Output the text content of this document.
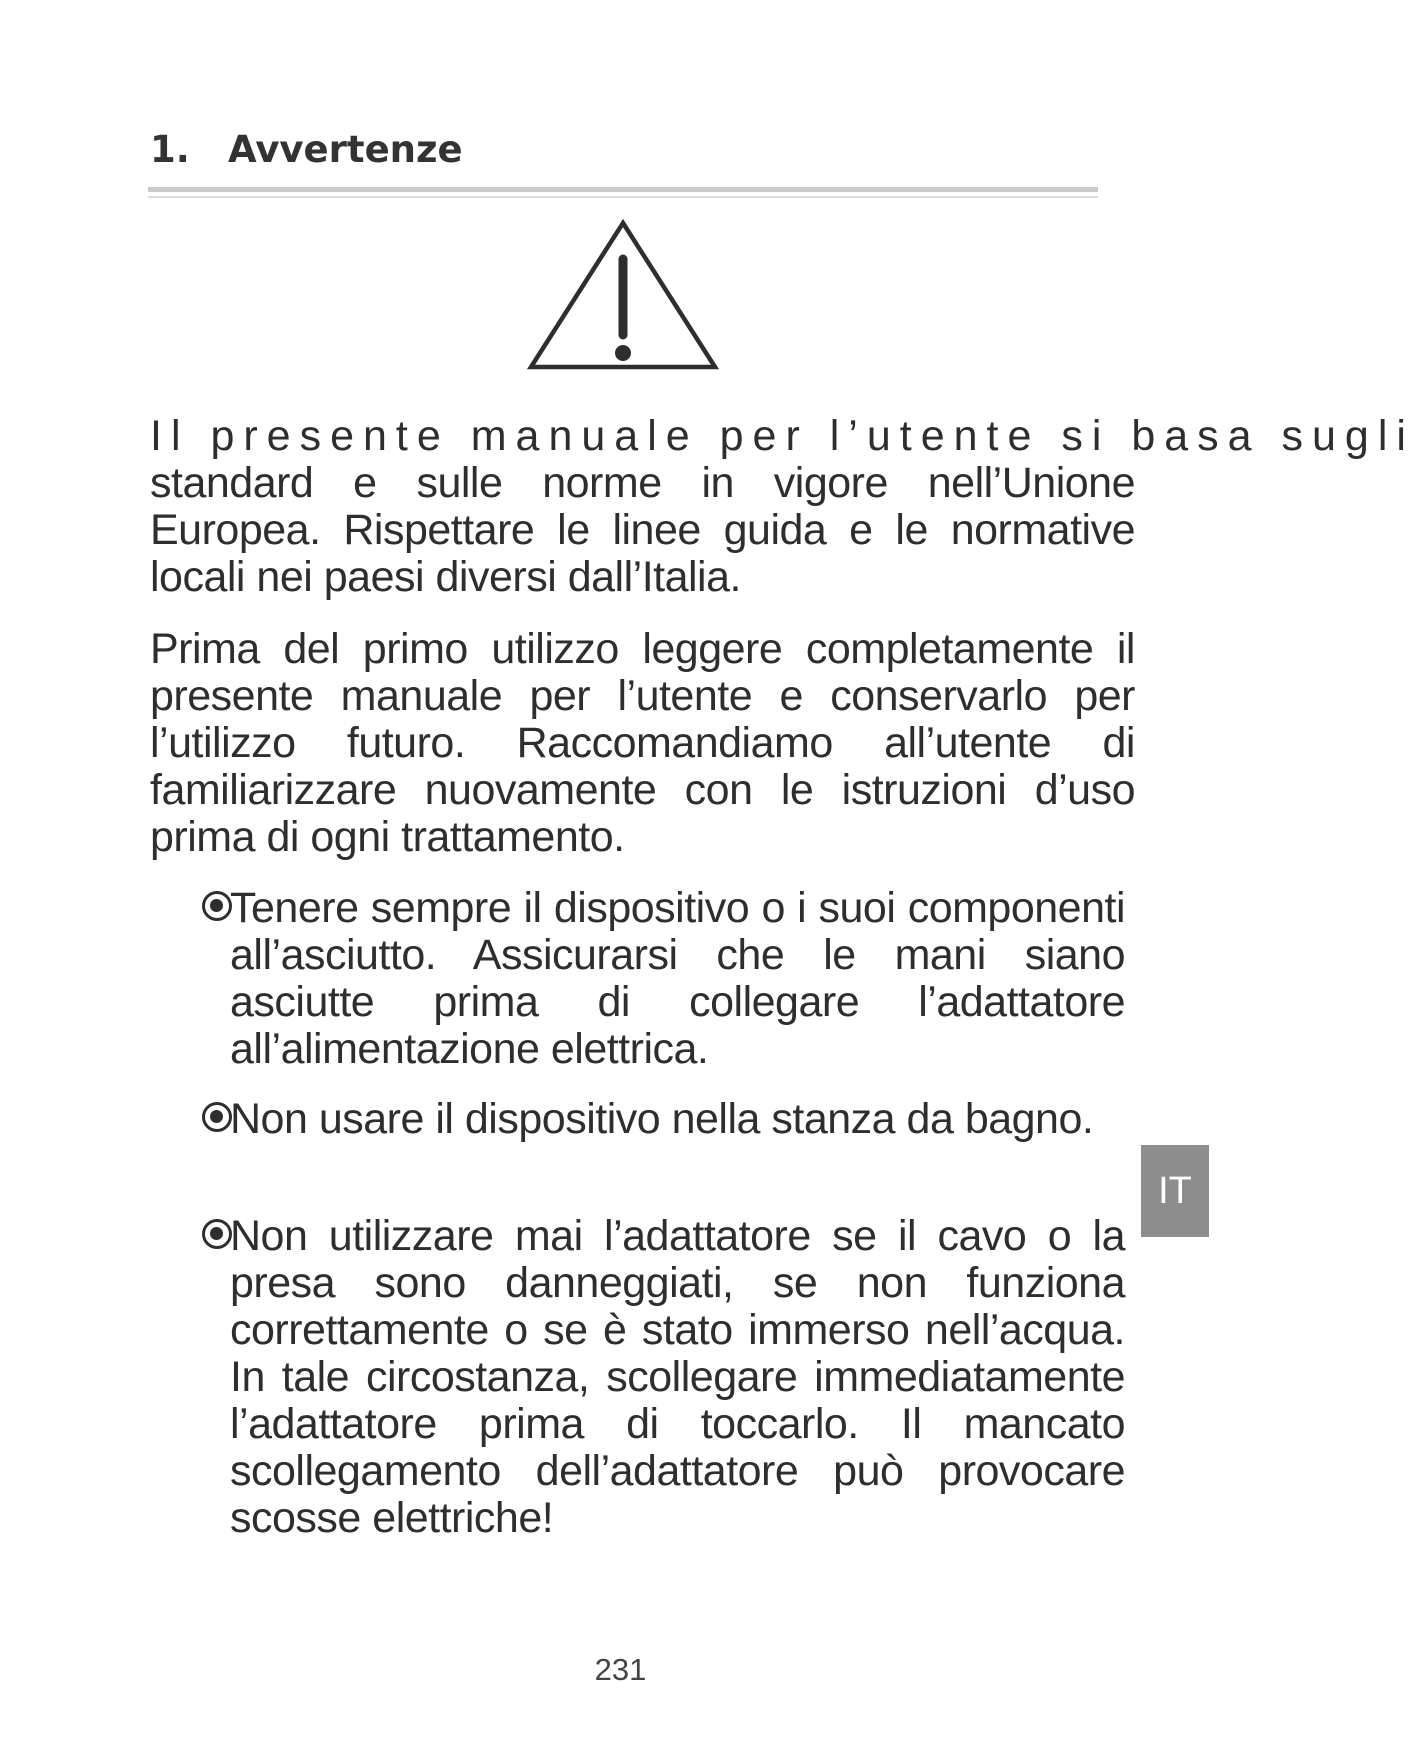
1. Avvertenze
Il presente manuale per l’utente si basa sugli
standard e sulle norme in vigore nell’Unione Europea. Rispettare le linee guida e le normative locali nei paesi diversi dall’Italia.
Prima del primo utilizzo leggere completamente il presente manuale per l’utente e conservarlo per l’utilizzo futuro. Raccomandiamo all’utente di familiarizzare nuovamente con le istruzioni d’uso prima di ogni trattamento.
Tenere sempre il dispositivo o i suoi componenti all’asciutto. Assicurarsi che le mani siano asciutte prima di collegare l’adattatore all’alimentazione elettrica.
Non usare il dispositivo nella stanza da bagno.
Non utilizzare mai l’adattatore se il cavo o la presa sono danneggiati, se non funziona correttamente o se è stato immerso nell’acqua. In tale circostanza, scollegare immediatamente l’adattatore prima di toccarlo. Il mancato scollegamento dell’adattatore può provocare scosse elettriche!
IT
231
